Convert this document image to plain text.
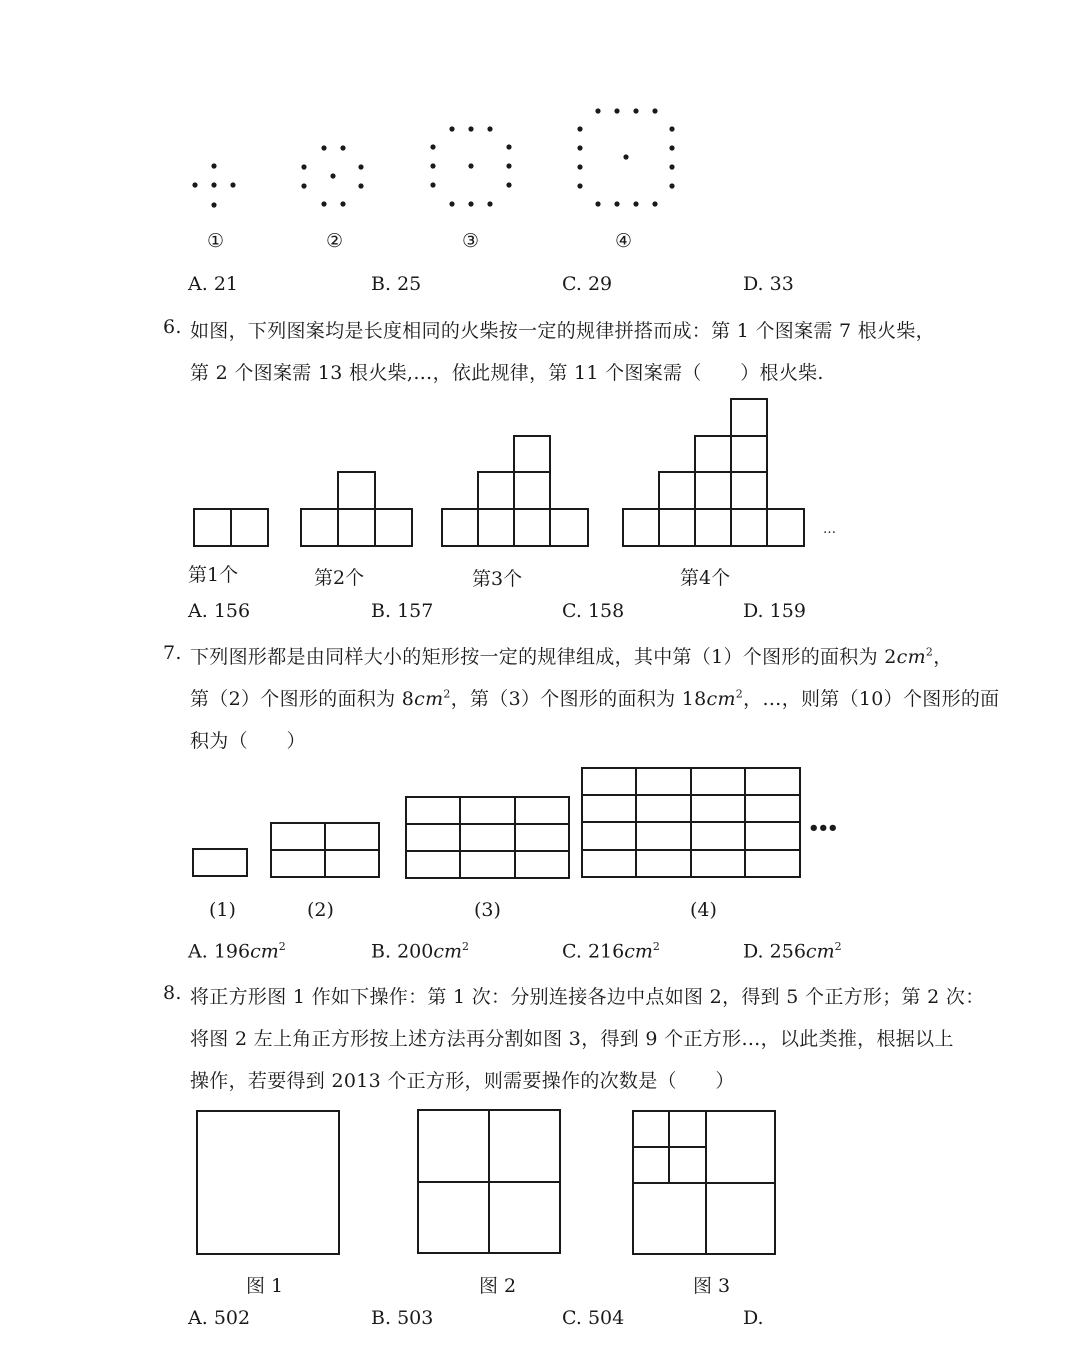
①	②	③	④
A. 21	B. 25	C. 29	D. 33
6. 如图，下列图案均是长度相同的火柴按一定的规律拼搭而成：第 1 个图案需 7 根火柴，
第 2 个图案需 13 根火柴,…，依此规律，第 11 个图案需（　　）根火柴.
第1个	第2个	第3个	第4个
…
A. 156	B. 157	C. 158	D. 159
7. 下列图形都是由同样大小的矩形按一定的规律组成，其中第（1）个图形的面积为 $2cm^2$，
第（2）个图形的面积为 $8cm^2$，第（3）个图形的面积为 $18cm^2$，…，则第（10）个图形的面
积为（　　）
(1)	(2)	(3)	(4)
•••
A. $196cm^2$	B. $200cm^2$	C. $216cm^2$	D. $256cm^2$
8. 将正方形图 1 作如下操作：第 1 次：分别连接各边中点如图 2，得到 5 个正方形；第 2 次：
将图 2 左上角正方形按上述方法再分割如图 3，得到 9 个正方形…，以此类推，根据以上
操作，若要得到 2013 个正方形，则需要操作的次数是（　　）
图 1	图 2	图 3
A. 502	B. 503	C. 504	D.
